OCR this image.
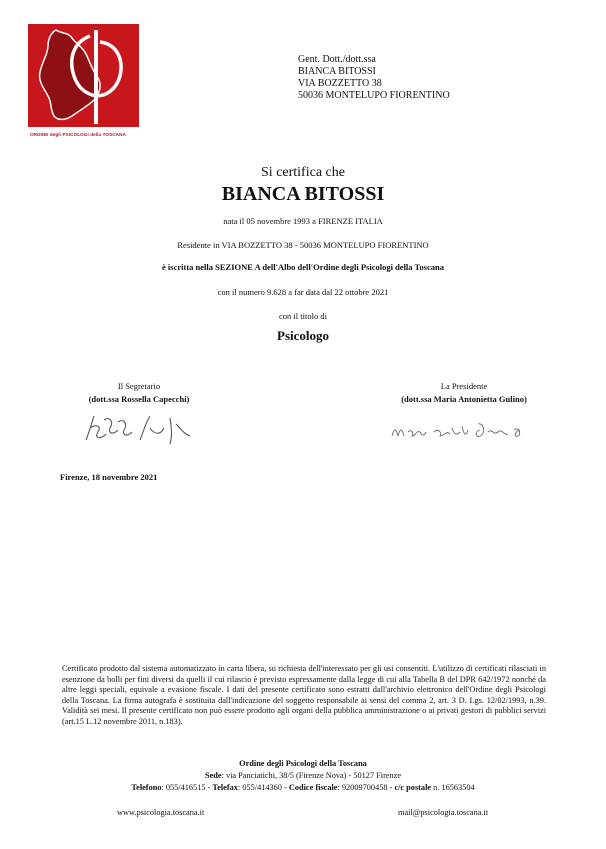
ORDINE degli PSICOLOGI della TOSCANA
Gent. Dott./dott.ssa
BIANCA BITOSSI
VIA BOZZETTO 38
50036 MONTELUPO FIORENTINO
Si certifica che
BIANCA BITOSSI
nata il 05 novembre 1993 a FIRENZE ITALIA
Residente in VIA BOZZETTO 38 - 50036 MONTELUPO FIORENTINO
è iscritta nella SEZIONE A dell'Albo dell'Ordine degli Psicologi della Toscana
con il numero 9.628 a far data dal 22 ottobre 2021
con il titolo di
Psicologo
Il Segretario
(dott.ssa Rossella Capecchi)
La Presidente
(dott.ssa Maria Antonietta Gulino)
Firenze, 18 novembre 2021
Certificato prodotto dal sistema automatizzato in carta libera, su richiesta dell'interessato per gli usi consentiti. L'utilizzo di certificati rilasciati in esenzione da bolli per fini diversi da quelli il cui rilascio è previsto espressamente dalla legge di cui alla Tabella B del DPR 642/1972 nonché da altre leggi speciali, equivale a evasione fiscale. I dati del presente certificato sono estratti dall'archivio elettronico dell'Ordine degli Psicologi della Toscana. La firma autografa è sostituita dall'indicazione del soggetto responsabile ai sensi del comma 2, art. 3 D. Lgs. 12/02/1993, n.39. Validità sei mesi. Il presente certificato non può essere prodotto agli organi della pubblica amministrazione o ai privati gestori di pubblici servizi (art.15 L.12 novembre 2011, n.183).
Ordine degli Psicologi della Toscana
Sede: via Panciatichi, 38/5 (Firenze Nova) - 50127 Firenze
Telefono: 055/416515 - Telefax: 055/414360 - Codice fiscale: 92009700458 - c/c postale n. 16563504
www.psicologia.toscana.it	mail@psicologia.toscana.it
